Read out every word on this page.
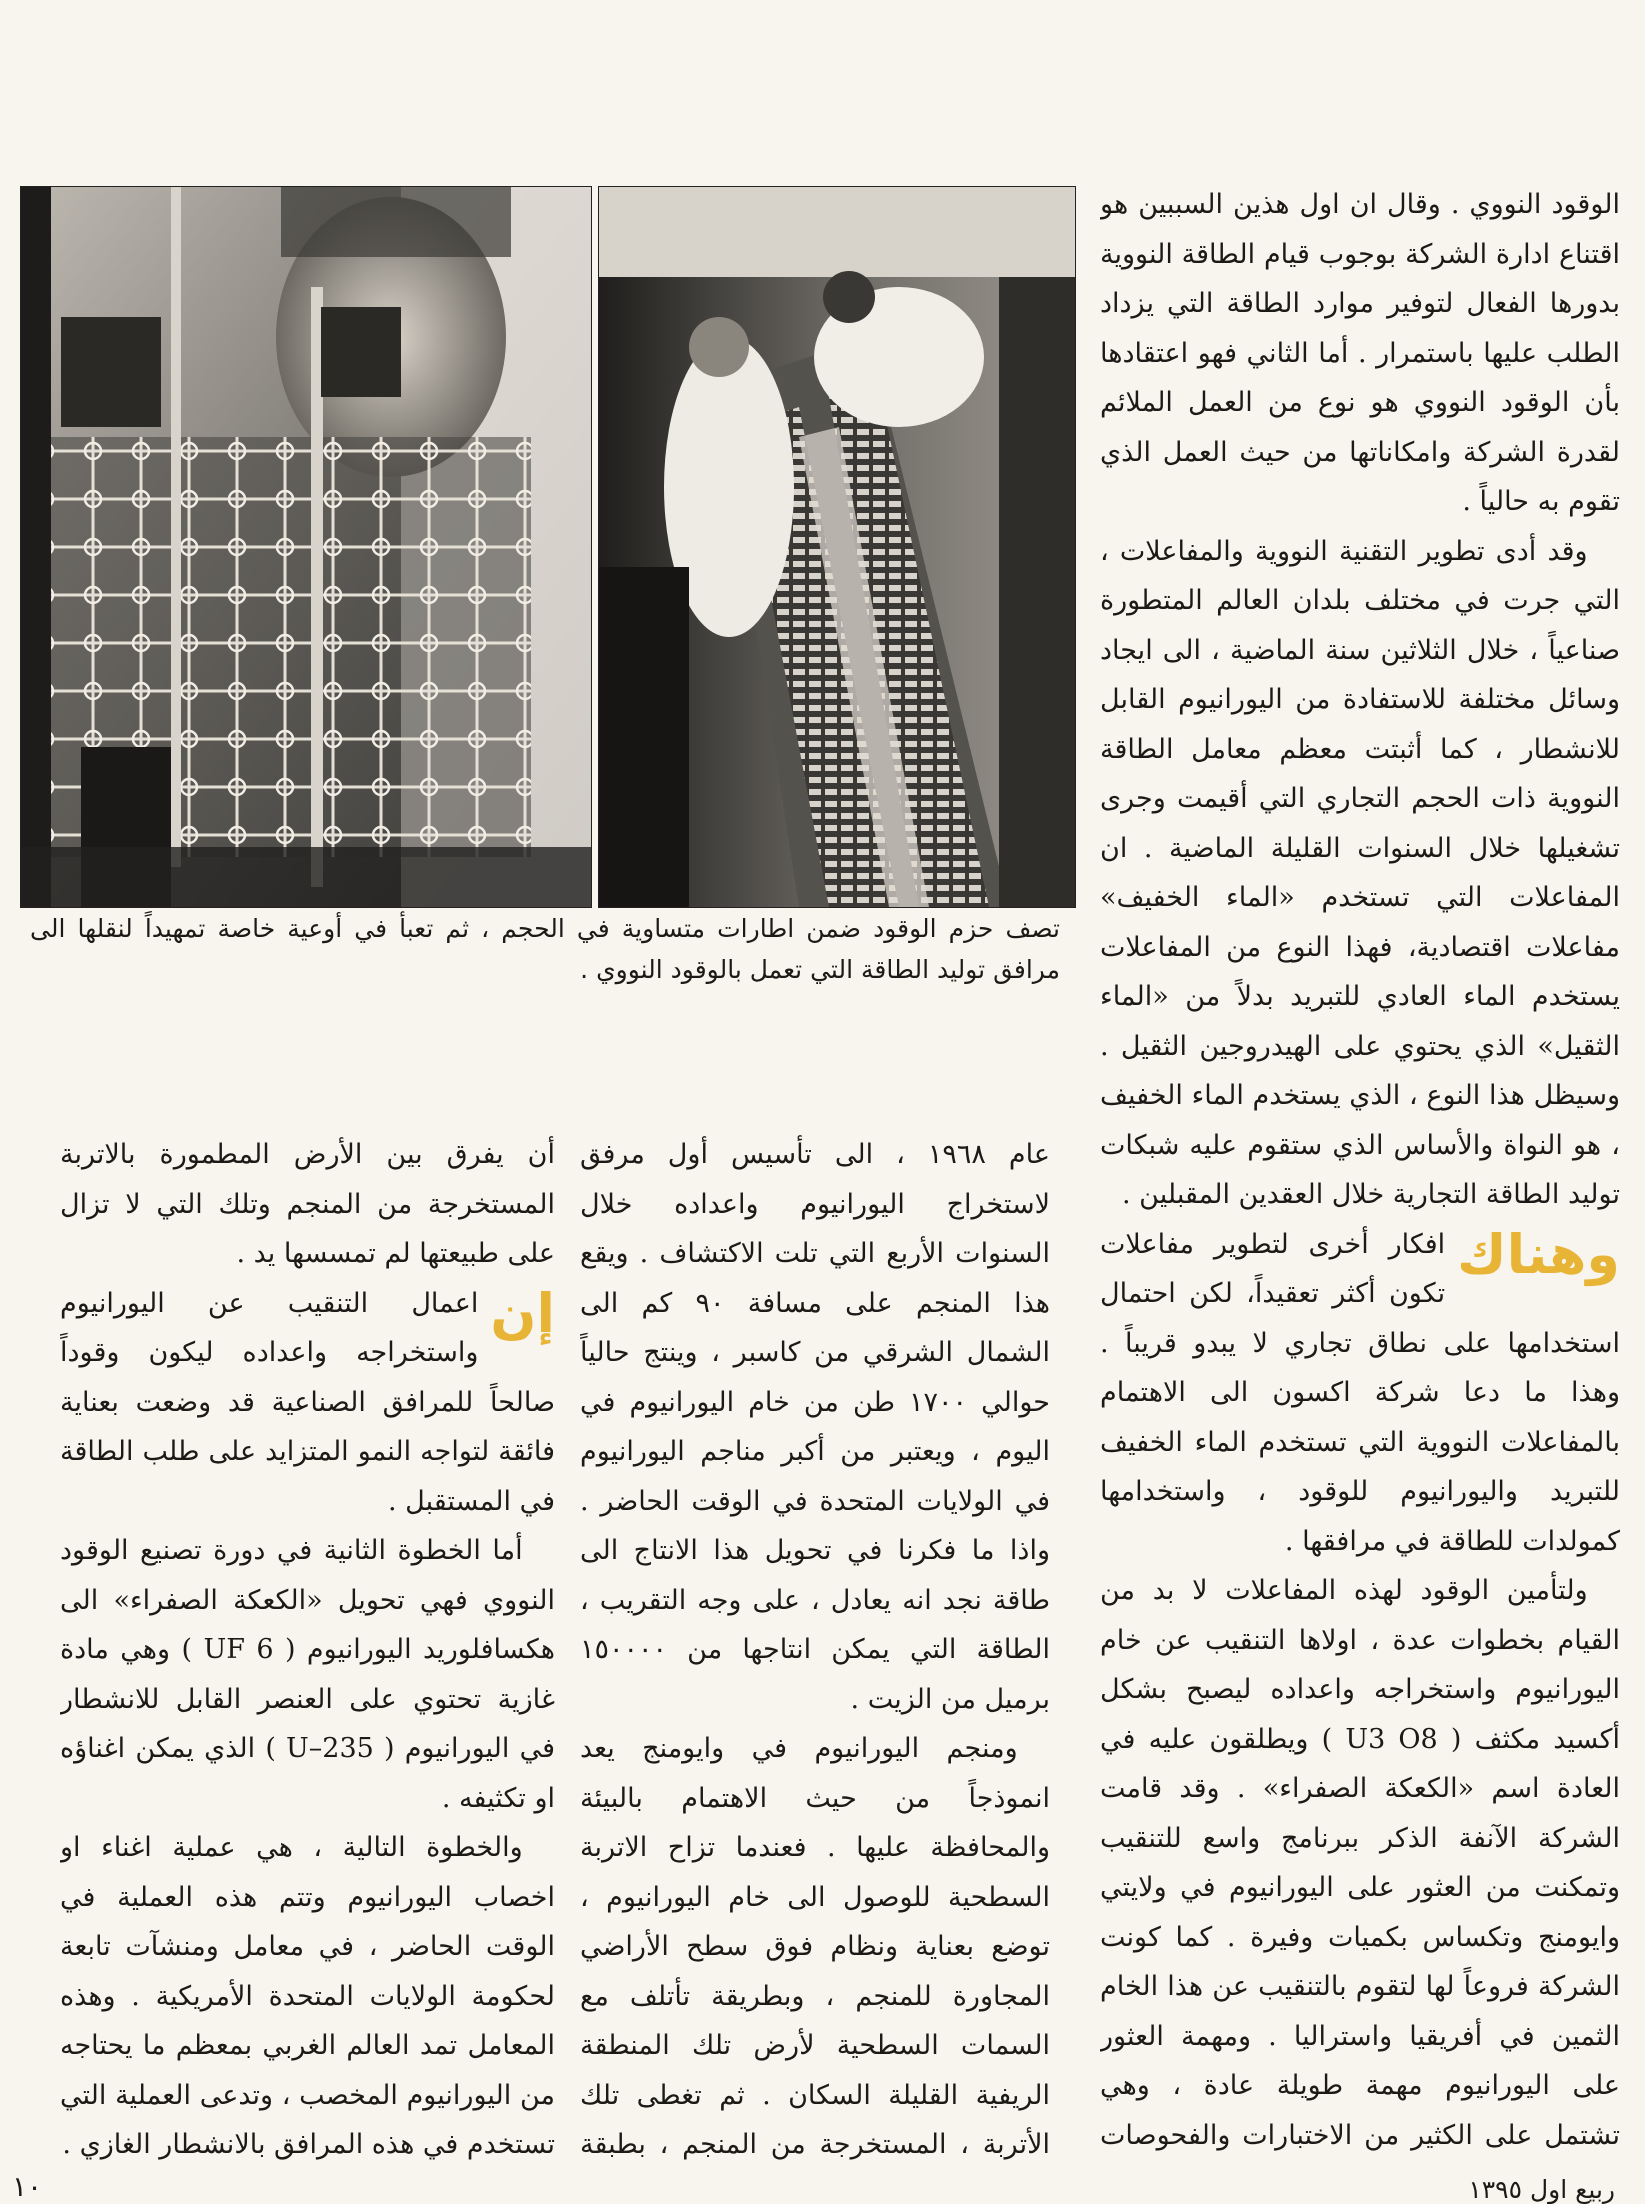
تصف حزم الوقود ضمن اطارات متساوية في الحجم ، ثم تعبأ في أوعية خاصة تمهيداً لنقلها الى مرافق توليد الطاقة التي تعمل بالوقود النووي .

الوقود النووي . وقال ان اول هذين السببين هو اقتناع ادارة الشركة بوجوب قيام الطاقة النووية بدورها الفعال لتوفير موارد الطاقة التي يزداد الطلب عليها باستمرار . أما الثاني فهو اعتقادها بأن الوقود النووي هو نوع من العمل الملائم لقدرة الشركة وامكاناتها من حيث العمل الذي تقوم به حالياً .

وقد أدى تطوير التقنية النووية والمفاعلات ، التي جرت في مختلف بلدان العالم المتطورة صناعياً ، خلال الثلاثين سنة الماضية ، الى ايجاد وسائل مختلفة للاستفادة من اليورانيوم القابل للانشطار ، كما أثبتت معظم معامل الطاقة النووية ذات الحجم التجاري التي أقيمت وجرى تشغيلها خلال السنوات القليلة الماضية . ان المفاعلات التي تستخدم «الماء الخفيف» مفاعلات اقتصادية، فهذا النوع من المفاعلات يستخدم الماء العادي للتبريد بدلاً من «الماء الثقيل» الذي يحتوي على الهيدروجين الثقيل . وسيظل هذا النوع ، الذي يستخدم الماء الخفيف ، هو النواة والأساس الذي ستقوم عليه شبكات توليد الطاقة التجارية خلال العقدين المقبلين .

وهناك
افكار أخرى لتطوير مفاعلات تكون أكثر تعقيداً، لكن احتمال استخدامها على نطاق تجاري لا يبدو قريباً . وهذا ما دعا شركة اكسون الى الاهتمام بالمفاعلات النووية التي تستخدم الماء الخفيف للتبريد واليورانيوم للوقود ، واستخدامها كمولدات للطاقة في مرافقها .

ولتأمين الوقود لهذه المفاعلات لا بد من القيام بخطوات عدة ، اولاها التنقيب عن خام اليورانيوم واستخراجه واعداده ليصبح بشكل أكسيد مكثف ( U3 O8 ) ويطلقون عليه في العادة اسم «الكعكة الصفراء» . وقد قامت الشركة الآنفة الذكر ببرنامج واسع للتنقيب وتمكنت من العثور على اليورانيوم في ولايتي وايومنج وتكساس بكميات وفيرة . كما كونت الشركة فروعاً لها لتقوم بالتنقيب عن هذا الخام الثمين في أفريقيا واستراليا . ومهمة العثور على اليورانيوم مهمة طويلة عادة ، وهي تشتمل على الكثير من الاختبارات والفحوصات

عام ١٩٦٨ ، الى تأسيس أول مرفق لاستخراج اليورانيوم واعداده خلال السنوات الأربع التي تلت الاكتشاف . ويقع هذا المنجم على مسافة ٩٠ كم الى الشمال الشرقي من كاسبر ، وينتج حالياً حوالي ١٧٠٠ طن من خام اليورانيوم في اليوم ، ويعتبر من أكبر مناجم اليورانيوم في الولايات المتحدة في الوقت الحاضر . واذا ما فكرنا في تحويل هذا الانتاج الى طاقة نجد انه يعادل ، على وجه التقريب ، الطاقة التي يمكن انتاجها من ١٥٠٠٠٠ برميل من الزيت .

ومنجم اليورانيوم في وايومنج يعد انموذجاً من حيث الاهتمام بالبيئة والمحافظة عليها . فعندما تزاح الاتربة السطحية للوصول الى خام اليورانيوم ، توضع بعناية ونظام فوق سطح الأراضي المجاورة للمنجم ، وبطريقة تأتلف مع السمات السطحية لأرض تلك المنطقة الريفية القليلة السكان . ثم تغطى تلك الأتربة ، المستخرجة من المنجم ، بطبقة

أن يفرق بين الأرض المطمورة بالاتربة المستخرجة من المنجم وتلك التي لا تزال على طبيعتها لم تمسسها يد .

إن
اعمال التنقيب عن اليورانيوم واستخراجه واعداده ليكون وقوداً صالحاً للمرافق الصناعية قد وضعت بعناية فائقة لتواجه النمو المتزايد على طلب الطاقة في المستقبل .

أما الخطوة الثانية في دورة تصنيع الوقود النووي فهي تحويل «الكعكة الصفراء» الى هكسافلوريد اليورانيوم ( UF 6 ) وهي مادة غازية تحتوي على العنصر القابل للانشطار في اليورانيوم ( U–235 ) الذي يمكن اغناؤه او تكثيفه .

والخطوة التالية ، هي عملية اغناء او اخصاب اليورانيوم وتتم هذه العملية في الوقت الحاضر ، في معامل ومنشآت تابعة لحكومة الولايات المتحدة الأمريكية . وهذه المعامل تمد العالم الغربي بمعظم ما يحتاجه من اليورانيوم المخصب ، وتدعى العملية التي تستخدم في هذه المرافق بالانشطار الغازي .

ربيع اول ١٣٩٥
١٠
